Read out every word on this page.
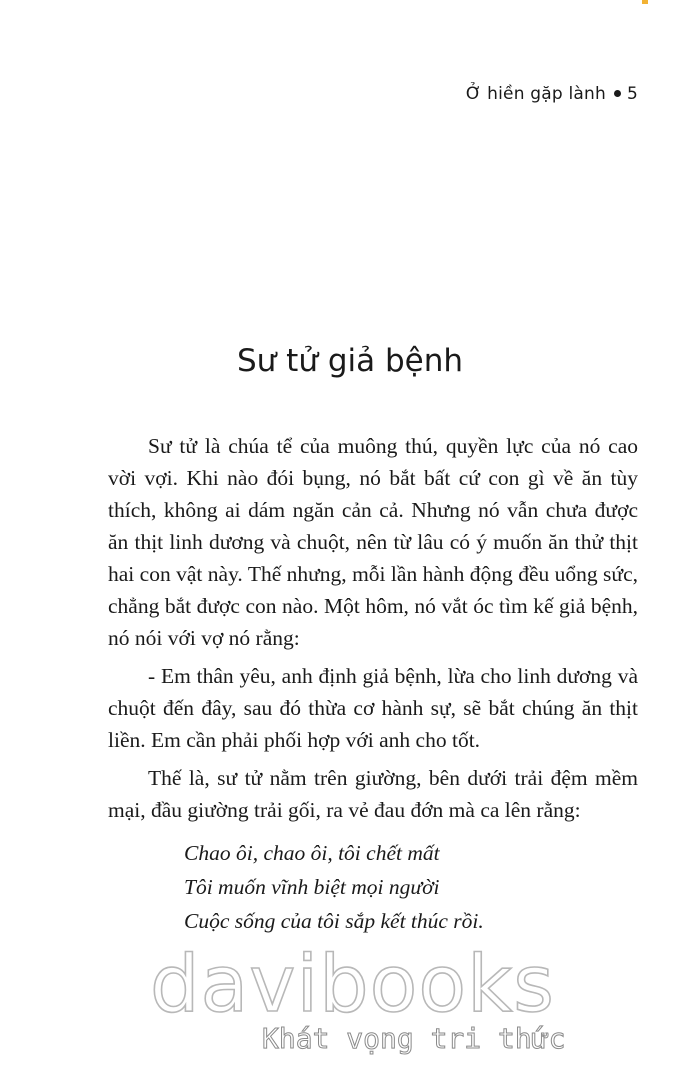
Ở hiền gặp lành 5
Sư tử giả bệnh

Sư tử là chúa tể của muông thú, quyền lực của nó cao vời vợi. Khi nào đói bụng, nó bắt bất cứ con gì về ăn tùy thích, không ai dám ngăn cản cả. Nhưng nó vẫn chưa được ăn thịt linh dương và chuột, nên từ lâu có ý muốn ăn thử thịt hai con vật này. Thế nhưng, mỗi lần hành động đều uổng sức, chẳng bắt được con nào. Một hôm, nó vắt óc tìm kế giả bệnh, nó nói với vợ nó rằng:

- Em thân yêu, anh định giả bệnh, lừa cho linh dương và chuột đến đây, sau đó thừa cơ hành sự, sẽ bắt chúng ăn thịt liền. Em cần phải phối hợp với anh cho tốt.

Thế là, sư tử nằm trên giường, bên dưới trải đệm mềm mại, đầu giường trải gối, ra vẻ đau đớn mà ca lên rằng:

Chao ôi, chao ôi, tôi chết mất
Tôi muốn vĩnh biệt mọi người
Cuộc sống của tôi sắp kết thúc rồi.
davibooks
Khát vọng tri thức
